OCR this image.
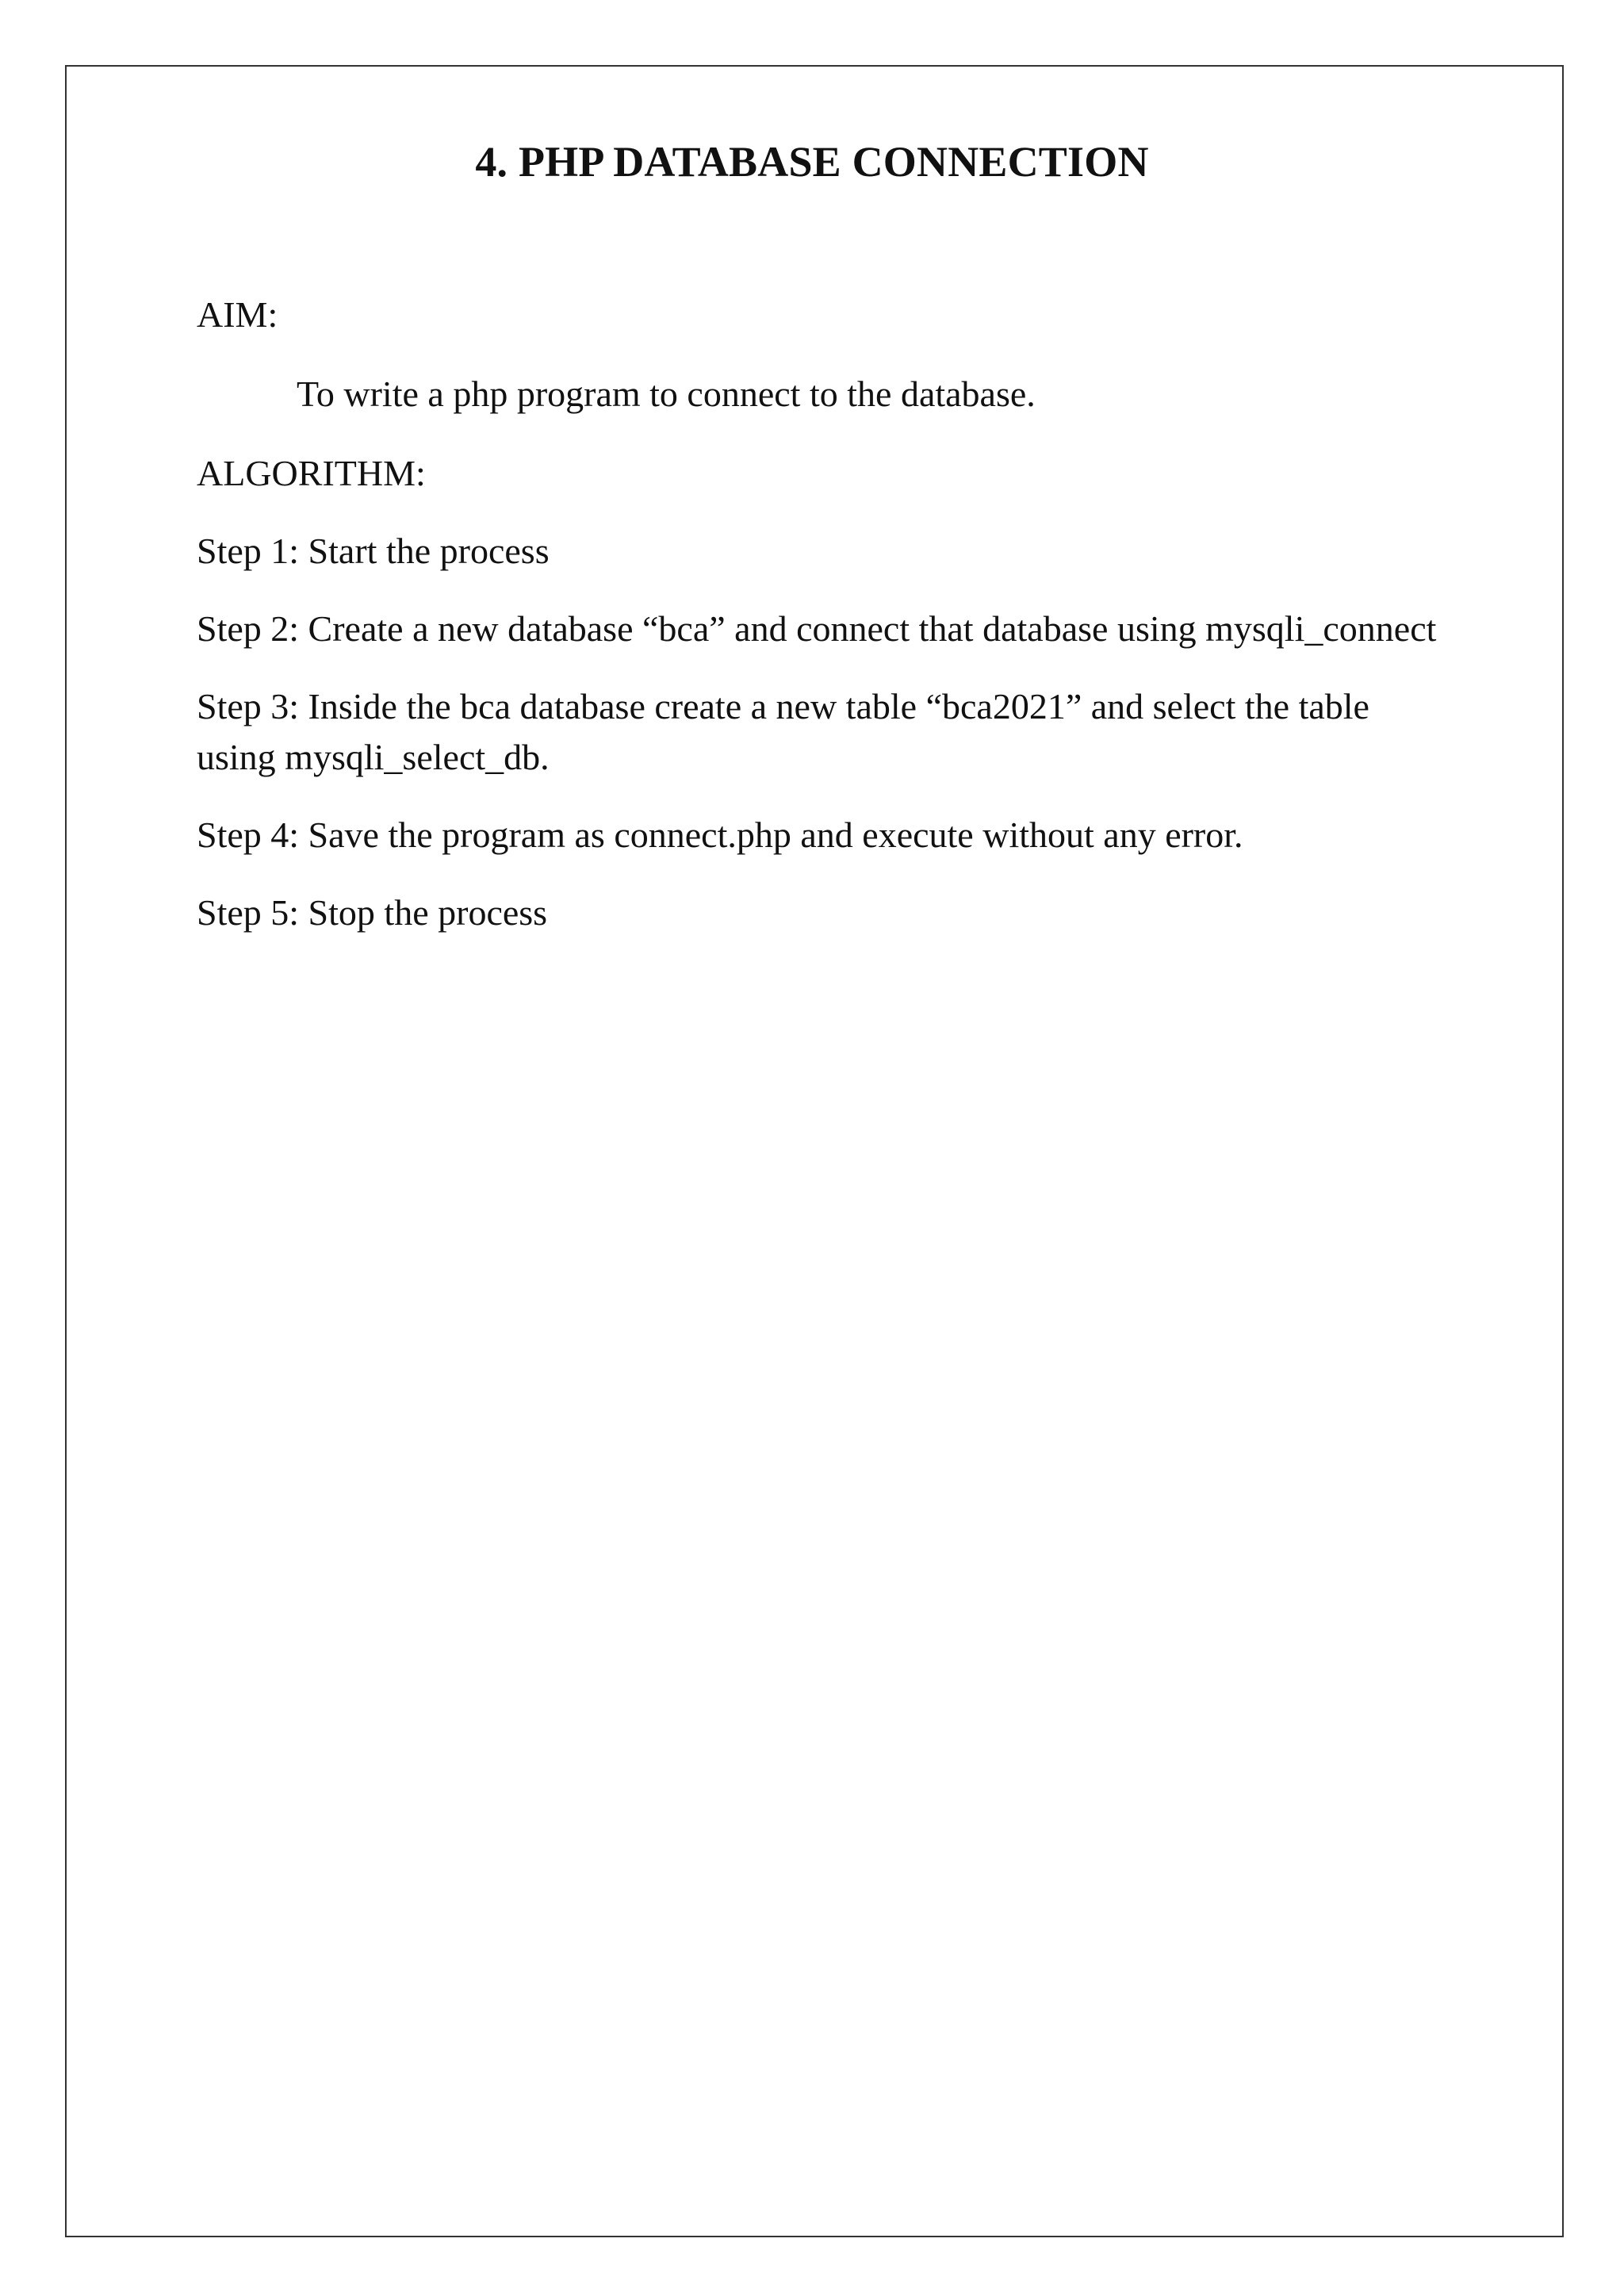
4. PHP DATABASE CONNECTION

AIM:

To write a php program to connect to the database.

ALGORITHM:

Step 1: Start the process

Step 2: Create a new database “bca” and connect that database using mysqli_connect

Step 3: Inside the bca database create a new table “bca2021” and select the table using mysqli_select_db.

Step 4: Save the program as connect.php and execute without any error.

Step 5: Stop the process
